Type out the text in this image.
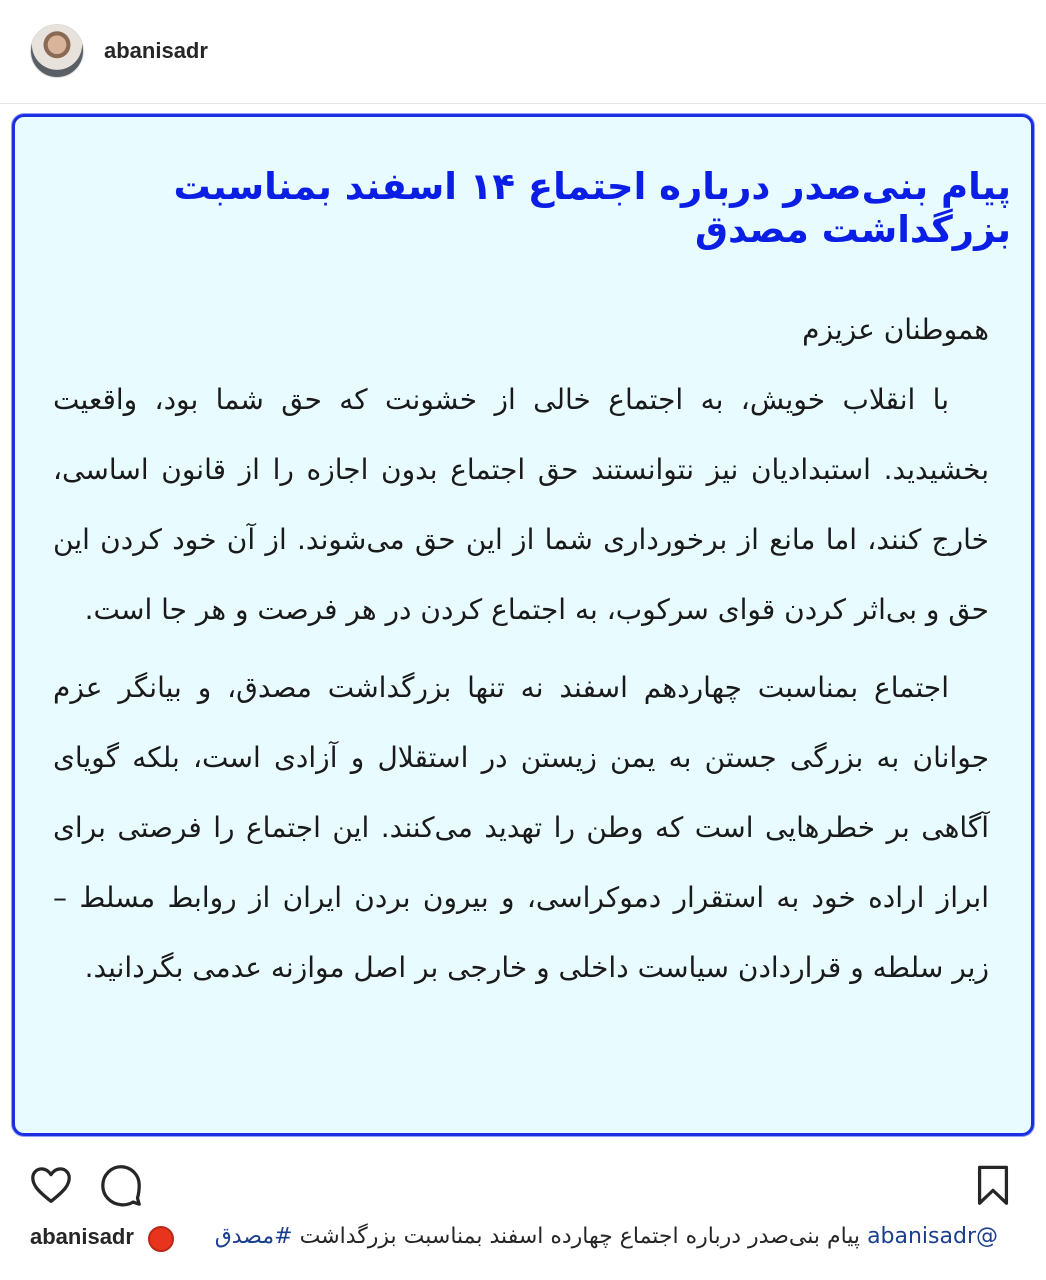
abanisadr
پیام بنی‌صدر درباره اجتماع ۱۴ اسفند بمناسبت بزرگداشت مصدق

هموطنان عزیزم

با انقلاب خویش، به اجتماع خالی از خشونت که حق شما بود، واقعیت بخشیدید. استبدادیان نیز نتوانستند حق اجتماع بدون اجازه را از قانون اساسی، خارج کنند، اما مانع از برخورداری شما از این حق می‌شوند. از آن خود کردن این حق و بی‌اثر کردن قوای سرکوب، به اجتماع کردن در هر فرصت و هر جا است.

اجتماع بمناسبت چهاردهم اسفند نه تنها بزرگداشت مصدق، و بیانگر عزم جوانان به بزرگی جستن به یمن زیستن در استقلال و آزادی است، بلکه گویای آگاهی بر خطرهایی است که وطن را تهدید می‌کنند. این اجتماع را فرصتی برای ابراز اراده خود به استقرار دموکراسی، و بیرون بردن ایران از روابط مسلط – زیر سلطه و قراردادن سیاست داخلی و خارجی بر اصل موازنه عدمی بگردانید.

abanisadr	@abanisadr پیام بنی‌صدر درباره اجتماع چهارده اسفند بمناسبت بزرگداشت #مصدق
